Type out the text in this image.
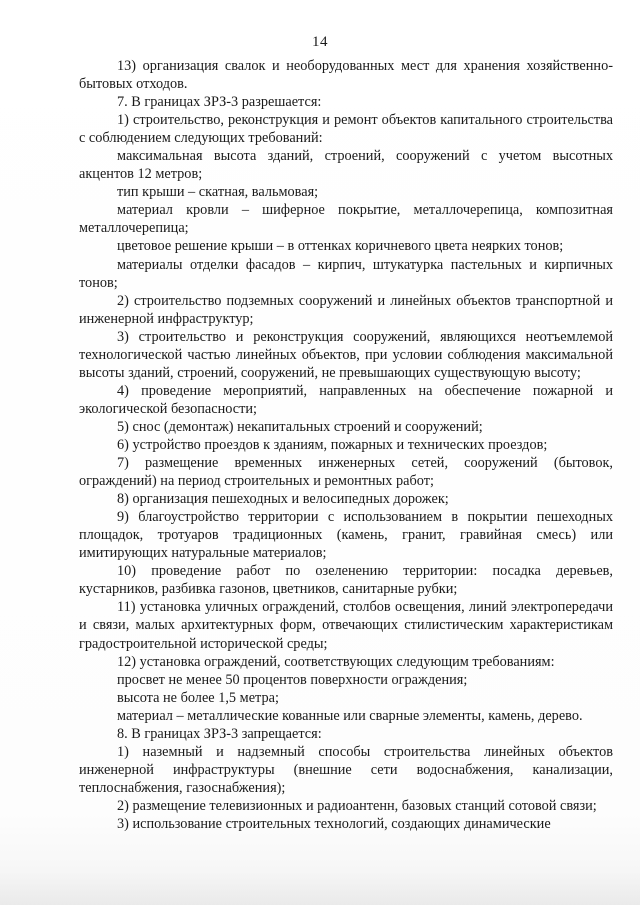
14

13) организация свалок и необорудованных мест для хранения хозяйственно-бытовых отходов.

7. В границах ЗРЗ-3 разрешается:

1) строительство, реконструкция и ремонт объектов капитального строительства с соблюдением следующих требований:

максимальная высота зданий, строений, сооружений с учетом высотных акцентов 12 метров;

тип крыши – скатная, вальмовая;

материал кровли – шиферное покрытие, металлочерепица, композитная металлочерепица;

цветовое решение крыши – в оттенках коричневого цвета неярких тонов;

материалы отделки фасадов – кирпич, штукатурка пастельных и кирпичных тонов;

2) строительство подземных сооружений и линейных объектов транспортной и инженерной инфраструктур;

3) строительство и реконструкция сооружений, являющихся неотъемлемой технологической частью линейных объектов, при условии соблюдения максимальной высоты зданий, строений, сооружений, не превышающих существующую высоту;

4) проведение мероприятий, направленных на обеспечение пожарной и экологической безопасности;

5) снос (демонтаж) некапитальных строений и сооружений;

6) устройство проездов к зданиям, пожарных и технических проездов;

7) размещение временных инженерных сетей, сооружений (бытовок, ограждений) на период строительных и ремонтных работ;

8) организация пешеходных и велосипедных дорожек;

9) благоустройство территории с использованием в покрытии пешеходных площадок, тротуаров традиционных (камень, гранит, гравийная смесь) или имитирующих натуральные материалов;

10) проведение работ по озеленению территории: посадка деревьев, кустарников, разбивка газонов, цветников, санитарные рубки;

11) установка уличных ограждений, столбов освещения, линий электропередачи и связи, малых архитектурных форм, отвечающих стилистическим характеристикам градостроительной исторической среды;

12) установка ограждений, соответствующих следующим требованиям:

просвет не менее 50 процентов поверхности ограждения;

высота не более 1,5 метра;

материал – металлические кованные или сварные элементы, камень, дерево.

8. В границах ЗРЗ-3 запрещается:

1) наземный и надземный способы строительства линейных объектов инженерной инфраструктуры (внешние сети водоснабжения, канализации, теплоснабжения, газоснабжения);

2) размещение телевизионных и радиоантенн, базовых станций сотовой связи;

3) использование строительных технологий, создающих динамические
